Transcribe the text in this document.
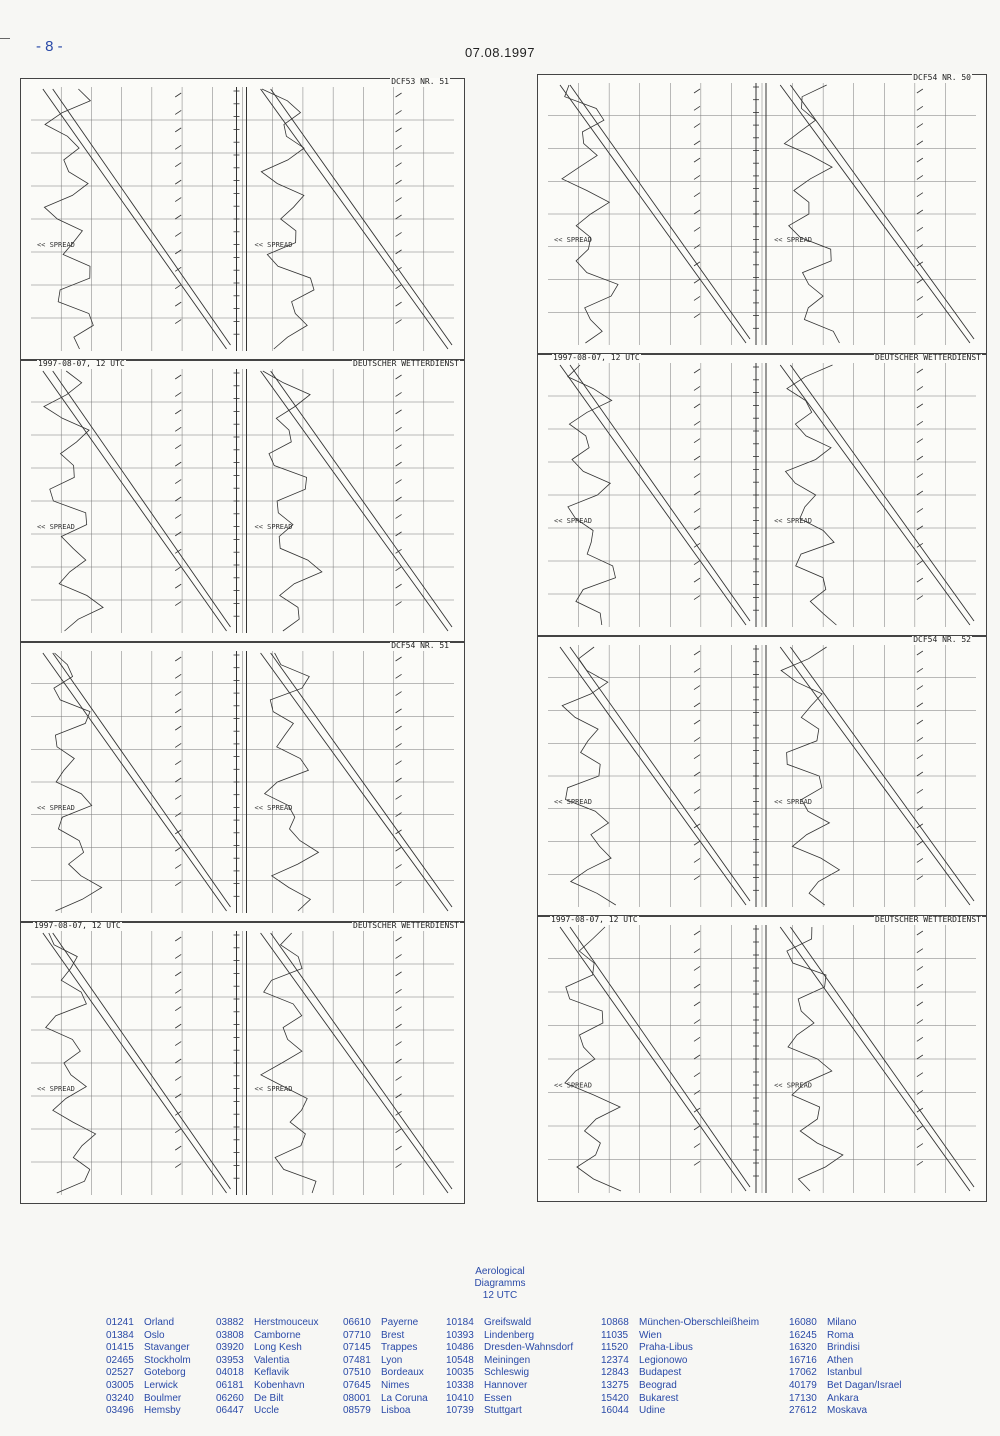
- 8 -	07.08.1997
<< SPREAD	<< SPREAD
DCF53 NR. 51
<< SPREAD	<< SPREAD
1997-08-07, 12 UTC	DEUTSCHER WETTERDIENST
<< SPREAD	<< SPREAD
DCF54 NR. 51
<< SPREAD	<< SPREAD
1997-08-07, 12 UTC	DEUTSCHER WETTERDIENST
<< SPREAD	<< SPREAD
DCF54 NR. 50
<< SPREAD	<< SPREAD
1997-08-07, 12 UTC	DEUTSCHER WETTERDIENST
<< SPREAD	<< SPREAD
DCF54 NR. 52
<< SPREAD	<< SPREAD
1997-08-07, 12 UTC	DEUTSCHER WETTERDIENST
Aerological
Diagramms
12 UTC
01241 Orland
01384 Oslo
01415 Stavanger
02465 Stockholm
02527 Goteborg
03005 Lerwick
03240 Boulmer
03496 Hemsby
03882 Herstmouceux
03808 Camborne
03920 Long Kesh
03953 Valentia
04018 Keflavik
06181 Kobenhavn
06260 De Bilt
06447 Uccle
06610 Payerne
07710 Brest
07145 Trappes
07481 Lyon
07510 Bordeaux
07645 Nimes
08001 La Coruna
08579 Lisboa
10184 Greifswald
10393 Lindenberg
10486 Dresden-Wahnsdorf
10548 Meiningen
10035 Schleswig
10338 Hannover
10410 Essen
10739 Stuttgart
10868 München-Oberschleißheim
11035 Wien
11520 Praha-Libus
12374 Legionowo
12843 Budapest
13275 Beograd
15420 Bukarest
16044 Udine
16080 Milano
16245 Roma
16320 Brindisi
16716 Athen
17062 Istanbul
40179 Bet Dagan/Israel
17130 Ankara
27612 Moskava
